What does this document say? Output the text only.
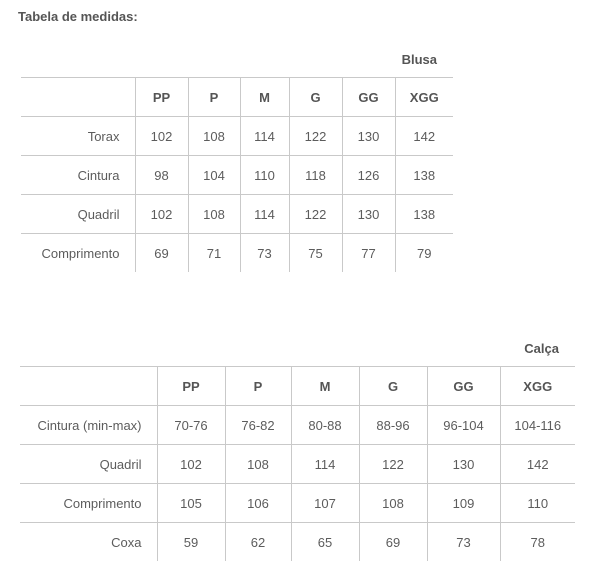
Tabela de medidas:
Blusa						
	PP	P	M	G	GG	XGG
Torax	102	108	114	122	130	142
Cintura	98	104	110	118	126	138
Quadril	102	108	114	122	130	138
Comprimento	69	71	73	75	77	79
Calça						
	PP	P	M	G	GG	XGG
Cintura (min-max)	70-76	76-82	80-88	88-96	96-104	104-116
Quadril	102	108	114	122	130	142
Comprimento	105	106	107	108	109	110
Coxa	59	62	65	69	73	78
